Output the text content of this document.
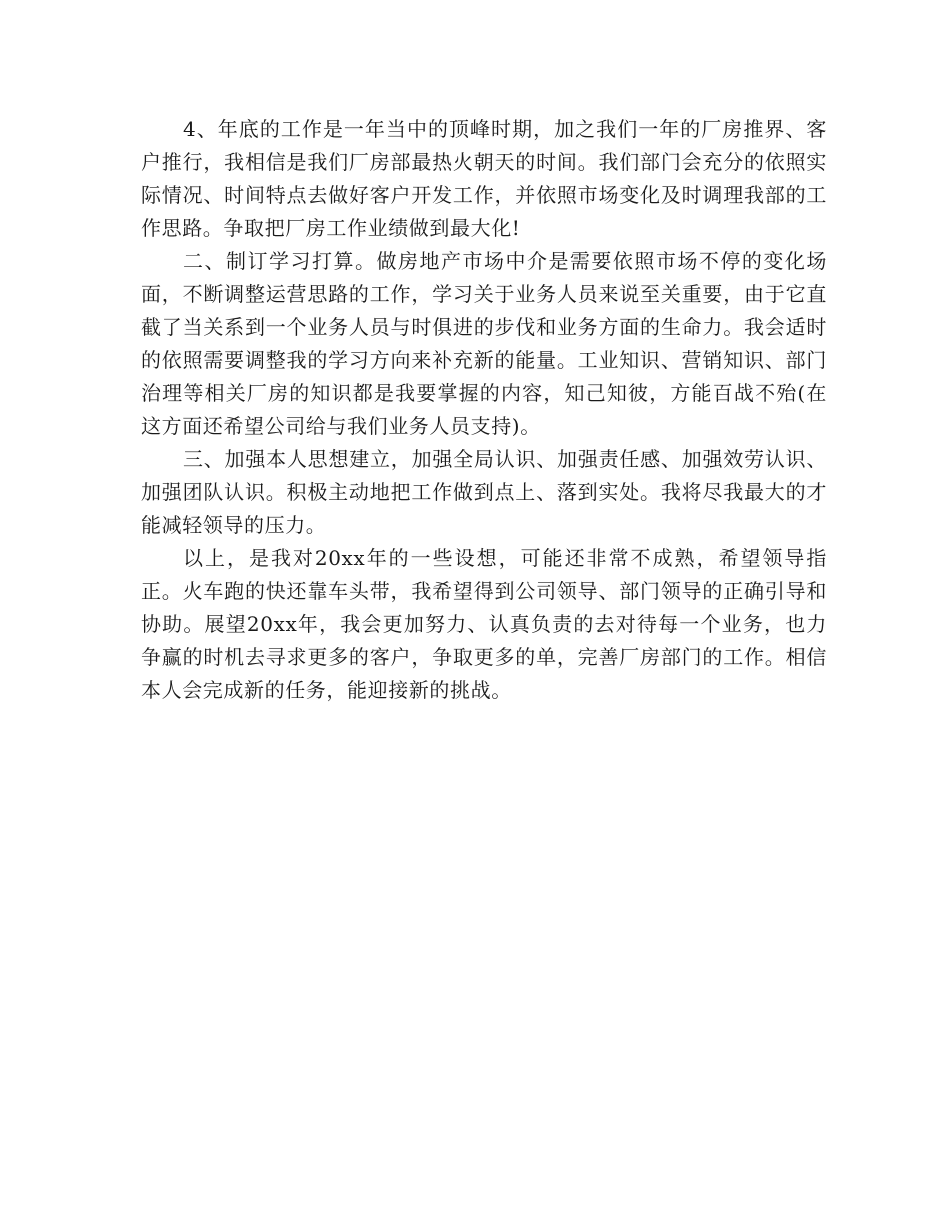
4、年底的工作是一年当中的顶峰时期，加之我们一年的厂房推界、客户推行，我相信是我们厂房部最热火朝天的时间。我们部门会充分的依照实际情况、时间特点去做好客户开发工作，并依照市场变化及时调理我部的工作思路。争取把厂房工作业绩做到最大化!

二、制订学习打算。做房地产市场中介是需要依照市场不停的变化场面，不断调整运营思路的工作，学习关于业务人员来说至关重要，由于它直截了当关系到一个业务人员与时俱进的步伐和业务方面的生命力。我会适时的依照需要调整我的学习方向来补充新的能量。工业知识、营销知识、部门治理等相关厂房的知识都是我要掌握的内容，知己知彼，方能百战不殆(在这方面还希望公司给与我们业务人员支持)。

三、加强本人思想建立，加强全局认识、加强责任感、加强效劳认识、加强团队认识。积极主动地把工作做到点上、落到实处。我将尽我最大的才能减轻领导的压力。

以上，是我对20xx年的一些设想，可能还非常不成熟，希望领导指正。火车跑的快还靠车头带，我希望得到公司领导、部门领导的正确引导和协助。展望20xx年，我会更加努力、认真负责的去对待每一个业务，也力争赢的时机去寻求更多的客户，争取更多的单，完善厂房部门的工作。相信本人会完成新的任务，能迎接新的挑战。
